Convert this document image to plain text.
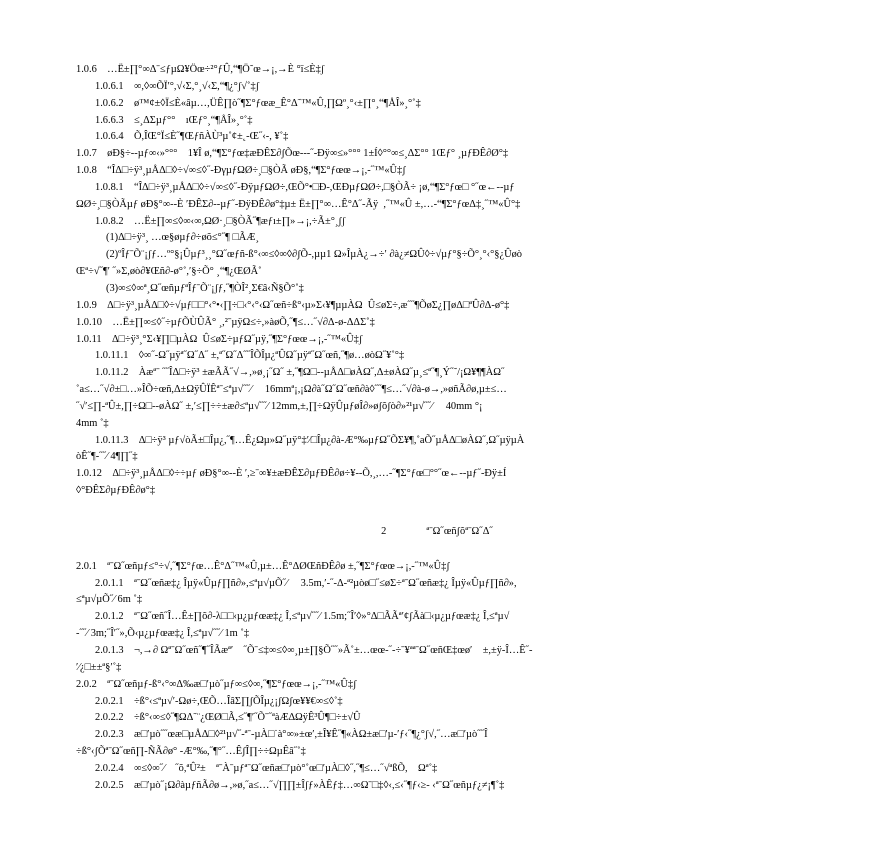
1.0.6 …Ë±∏°∞Δˉ≤ƒµΩ¥Öœ÷²°ƒÛ,“¶Ö˜œ→¡,→È °ï≤È‡ʃ
1.0.6.1 ∞,◊∞ÕÏʹ°,√‹Σ,°¸√‹Σ,“¶¿°ʃ√˚‡ʃ
1.0.6.2 ø™¢±◊Ï≤È«âµ…,ÜÊ∏ò˝¶Σ°ƒœæ_Ê°Δ˜™«Û,∏Ωº¸°‹±∏°¸“¶ÅÎ»¸°˚‡
1.6.6.3 ≤¸ΔΣµƒ°° ıŒƒ°¸“¶ÅÎ»¸°˚‡
1.0.6.4 Õ,ÎŒ°Ï≤È˝¶ŒƒñÀÙ³µ˚¢±˛-Œ˝‹-, ¥˚‡
1.0.7 øÐ§÷--µƒ∞‹»°°° 1¥Î ø,“¶Σ°ƒœ‡æÐÊΣ∂ʃÕœ---˝-Ðÿ∞≤»°°° 1±Í◊°°∞≤¸ΔΣ°° 1Œƒ° ¸µƒÐÊ∂Ø°‡
1.0.8 “ÎΔ□÷ÿ³¸µÅΔ□◊÷√∞≤◊˝-ÐγµƒΩØ÷¸□§ÒÃ øÐ§,“¶Σ°ƒœœ→¡,-˝™«Û‡ʃ
1.0.8.1 “ÎΔ□÷ÿ³¸µÅΔ□◊÷√∞≤◊˝-ÐÿµƒΩØ÷,ŒÕ°•□Ð-,ŒÐµƒΩØ÷,□§ÒÃ÷ ¡ø,“¶Σ°ƒœ□ °˝œ←--µƒ
ΩØ÷¸□§ÒÃµƒ øÐ§°∞--È ʹÐÊΣ∂--µƒ˝-ÐÿÐÊ∂ø°‡µ± Ë±∏°∞…Ê°Δ˝-Ãÿ  ,˝™«Û ±,…-“¶Σ°ƒœΔ‡¸˝™«Û°‡
1.0.8.2 …Ë±∏∞≤◊∞‹∞,ΩØ·¸□§ÒÃ˝¶æƒı±∏»→¡,÷Ã±°¸ʃʃ
(1)Δ□÷ÿ³¸ …œ§øµƒ∂÷øõ≤°˝¶ □ÃÆ¸
(2)ºÎƒˉÕ¨¡ʃƒ…º°§¡Ûµƒ³¸¸°Ω˝œƒñ-ß°‹∞≤◊∞◊∂ʃÕ-,µµ1 Ω»ÎµÀ¿→÷ʹ ∂à¿≠ΩÛ◊÷√µƒ°§÷Õ°¸°‹°§¿Ûøò
Œª÷√˝¶ʹ ˝»Σ,øò∂¥Œñ∂-ø°˚,ʹ§÷Õ° ¸“¶¿ŒØÃ˚
(3)∞≤◊∞ª¸Ω˝œñµƒªÎƒˉÕ¨¡ʃƒ,˝¶ÒÎ²¸Σ€â‹Ñ§Õ°˚‡
1.0.9 Δ□÷ÿ³¸µÅΔ□◊÷√µƒ□□°‹°•‹∏÷□‹°‹°‹Ω˝œñ÷ß°‹µ»Σ‹¥¶µµÀΩ  Û≤øΣ÷,æ˝˝¶ÕøΣ¿∏øΔ□ªÛ∂Δ-ø°‡
1.0.10 …Ë±∏∞≤◊˝÷µƒÕÙÛÃ° ¸,²ˉµÿΩ≤÷,»àøÕ,˝¶≤…˝√∂Δ-ø-ΔΔΣ˚‡
1.0.11 Δ□÷ÿ³¸°Σ‹¥∏□µÀΩ  Û≤øΣ÷µƒΩ˝µÿ,˝¶Σ°ƒœœ→¡,-˝™«Û‡ʃ
1.0.11.1 ◊∞˝-Ω˝µÿª˝Ω˝Δ˝ ±,ª˝Ω˝Δ˝˝ÎÕÎµ¿ªÛΩ˝µÿª˝Ω˝œñ,˝¶ø…øòΩ˝¥˚°‡
1.0.11.2 Àæªˉ ˝˝ÎΔ□÷ÿ³ ±æÃÃ˝√→,»ø¸¡˝Ω˝ ±,˝¶Ω□--µÅΔ□øÀΩ˝,Δ±øÀΩ˝µ¸≤ª˝¶¸Ý˝˜/¡Ω¥¶¶ÀΩ˝
˚a≤…˝√∂±□…»ÎÕ÷œñ,Δ±ΩÿÛÏÊªˉ≤ªµ√˝˝⁄  16mmª¡,¡Ω∂à˝Ω˝Ω˝œñ∂à◊˝˝¶≤…˝√∂à-ø→,»øñÃ∂ø,µ±≤…
˝√ʹ≤∏-ªÛ±,∏÷Ω□--øÀΩ˝ ±,ʹ≤∏÷÷±æ∂≤ªµ√˝˝⁄ 12mm,±,∏÷ΩÿÛµƒøÎ∂»øʃõʃò∂»²¹µ√˝˝⁄  40mm °¡
4mm ˚‡
1.0.11.3 Δ□÷ÿ³ µƒ√òÃ±□Îµ¿,˝¶…Ê¿Ωµ»Ω˝µÿ°‡ʹ⁄□Îµ¿∂à-Æ°‰µƒΩ˝ÕΣ¥¶,˚aÕ˝µÅΔ□øÀΩ˝,Ω˝µÿµÀ
òÊ˝¶-˝˝⁄ 4¶∏˝‡
1.0.12 Δ□÷ÿ³¸µÅΔ□◊÷÷µƒ øÐ§°∞--È ʹ,≥ˉ∞¥±æÐÊΣ∂µƒÐÊ∂ø÷¥--Õ,¸,…-˝¶Σ°ƒœ□°°˝œ←--µƒ˝-Ðÿ±Í
◊°ÐÊΣ∂µƒÐÊ∂ø°‡
2	ªˉΩ˝œñʃõªˉΩ˝Δ˝
2.0.1 ªˉΩ˝œñµƒ≤°÷√,˝¶Σ°ƒœ…Ê°Δ˝™«Û,µ±…Ê°ΔØŒñÐÊ∂ø ±,˝¶Σ°ƒœœ→¡,-˝™«Û‡ʃ
2.0.1.1 ªˉΩ˝œñæ‡¿ Îµÿ«Ûµƒ∏ñ∂»,≤ªµ√µÕ˝⁄  3.5m,ʹ-˝-Δ-ª²µòø□˝≤øΣ÷ªˉΩ˝œñæ‡¿ Îµÿ«Ûµƒ∏ñ∂»,
≤ªµ√µÕ˝⁄ 6m ˚‡
2.0.1.2 ªˉΩ˝œñ˝Î…Ê±∏õ∂-λ□□‹µ¿µƒœæ‡¿ Î,≤ªµ√˝˝⁄ 1.5m;˝Îʹ◊»°Δ□ÃÃªʹ¢ʃÃà□‹µ¿µƒœæ‡¿ Î,≤ªµ√
-˝˝⁄ 3m;˝Îʹ˝»,Õ‹µ¿µƒœæ‡¿ Î,≤ªµ√˝˝⁄ 1m ˚‡
2.0.1.3 ¬,→∂ ΩªˉΩ˝œñ˝¶˝ÎÃæªʹ ˝Õˉ≤‡∞≤◊∞¸µ±∏§Õ˝˝»Ã˚±…œœ-˝-÷ˉ¥ªªˉΩ˝œñŒ‡œøʹ ±,±ÿ-Î…Ê˝-
ʹ⁄¿□±±ª§ʹ˚‡
2.0.2 ªˉΩ˝œñµƒ-ß°‹°∞Δ‰æ□ʹµò˝µƒ∞≤◊∞,˝¶Σ°ƒœœ→¡,-˝™«Û‡ʃ
2.0.2.1 ÷ß°‹≤ªµ√ʹ-Ωø÷,ŒÕ…ÎâΣ∏ʃÕÎµ¿¡ʃΩʃœ¥¥€∞≤◊˚‡
2.0.2.2 ÷ß°‹∞≤◊˝¶ΩΔ˜¨¿ŒØ□Ã,≤˝¶ʹ˝Õˉ˝ªàÆ∆ΩÿÊ³Û¶□÷±√Û
2.0.2.3 æ□ʹµò˝˝œæ□µÅΔ□◊²¹µ√˝-ªˉ-µÀ□˙à°∞»±œʹ,±Î¥Ê˝¶«ÀΩ±æ□ʹµ-ʹƒ‹˝¶¿°ʃ√,˝…æ□ʹµò˝˝Î
÷ß°‹ʃÕªˉΩ˝œñ∏-ÑÃ∂ø° -Æ°‰,˝¶°˝…ÊʃÎ∏÷÷ΩµÊâ˝˚‡
2.0.2.4 ∞≤◊∞˝⁄ ˝õ,ªÛ²± ªˉÀˉµƒªˉΩ˝œñæ□ʹµò°˚œ□ʹµÀ□◊˝,˝¶≤…˝√ªßÕ, Ωª˚‡
2.0.2.5 æ□ʹµò˝¡Ω∂àµƒñÃ∂ø→,»ø,˝a≤…˝√∏∏±Îʃƒ»ÀÊƒ‡…∞Ωˉ□‡◊‹,≤‹˝¶ƒ‹≥- ‹ªˉΩ˝œñµƒ¿≠¡¶˚‡
